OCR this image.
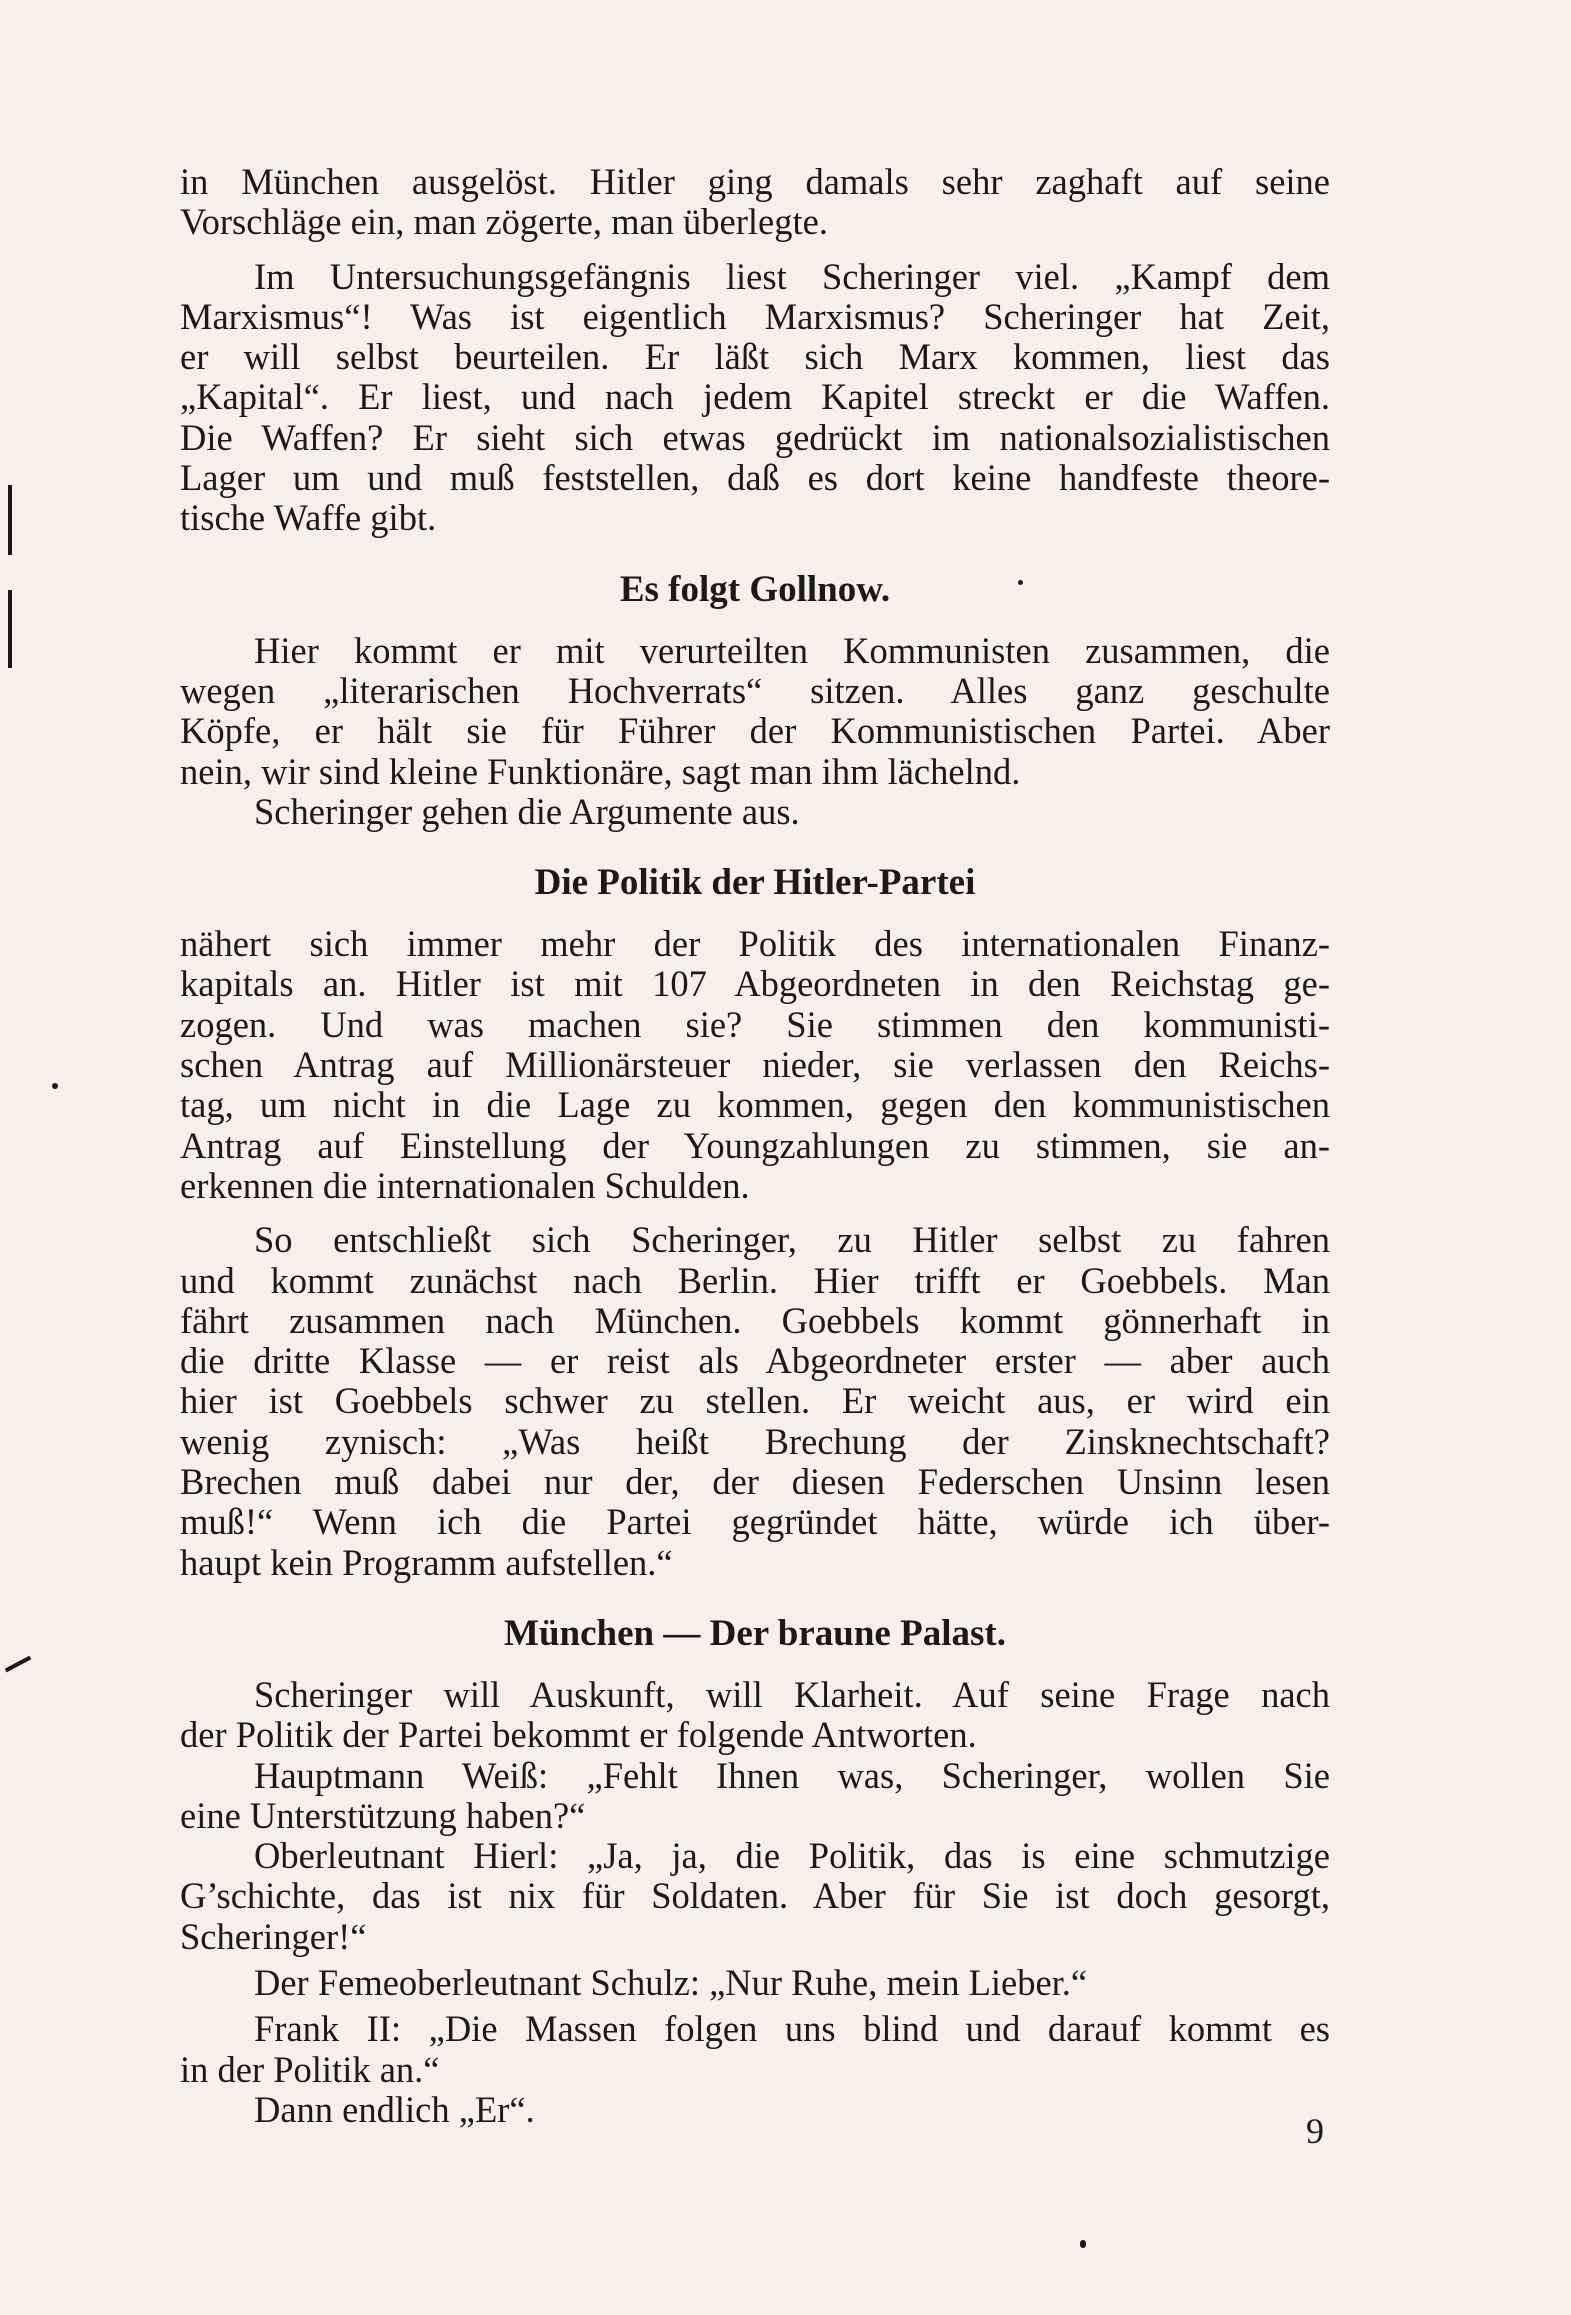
in München ausgelöst. Hitler ging damals sehr zaghaft auf seine
Vorschläge ein, man zögerte, man überlegte.

Im Untersuchungsgefängnis liest Scheringer viel. „Kampf dem
Marxismus“! Was ist eigentlich Marxismus? Scheringer hat Zeit,
er will selbst beurteilen. Er läßt sich Marx kommen, liest das
„Kapital“. Er liest, und nach jedem Kapitel streckt er die Waffen.
Die Waffen? Er sieht sich etwas gedrückt im nationalsozialistischen
Lager um und muß feststellen, daß es dort keine handfeste theore-
tische Waffe gibt.

Es folgt Gollnow.

Hier kommt er mit verurteilten Kommunisten zusammen, die
wegen „literarischen Hochverrats“ sitzen. Alles ganz geschulte
Köpfe, er hält sie für Führer der Kommunistischen Partei. Aber
nein, wir sind kleine Funktionäre, sagt man ihm lächelnd.
Scheringer gehen die Argumente aus.

Die Politik der Hitler-Partei

nähert sich immer mehr der Politik des internationalen Finanz-
kapitals an. Hitler ist mit 107 Abgeordneten in den Reichstag ge-
zogen. Und was machen sie? Sie stimmen den kommunisti-
schen Antrag auf Millionärsteuer nieder, sie verlassen den Reichs-
tag, um nicht in die Lage zu kommen, gegen den kommunistischen
Antrag auf Einstellung der Youngzahlungen zu stimmen, sie an-
erkennen die internationalen Schulden.

So entschließt sich Scheringer, zu Hitler selbst zu fahren
und kommt zunächst nach Berlin. Hier trifft er Goebbels. Man
fährt zusammen nach München. Goebbels kommt gönnerhaft in
die dritte Klasse — er reist als Abgeordneter erster — aber auch
hier ist Goebbels schwer zu stellen. Er weicht aus, er wird ein
wenig zynisch: „Was heißt Brechung der Zinsknechtschaft?
Brechen muß dabei nur der, der diesen Federschen Unsinn lesen
muß!“ Wenn ich die Partei gegründet hätte, würde ich über-
haupt kein Programm aufstellen.“

München — Der braune Palast.

Scheringer will Auskunft, will Klarheit. Auf seine Frage nach
der Politik der Partei bekommt er folgende Antworten.

Hauptmann Weiß: „Fehlt Ihnen was, Scheringer, wollen Sie
eine Unterstützung haben?“

Oberleutnant Hierl: „Ja, ja, die Politik, das is eine schmutzige
G’schichte, das ist nix für Soldaten. Aber für Sie ist doch gesorgt,
Scheringer!“

Der Femeoberleutnant Schulz: „Nur Ruhe, mein Lieber.“

Frank II: „Die Massen folgen uns blind und darauf kommt es
in der Politik an.“

Dann endlich „Er“.

9
